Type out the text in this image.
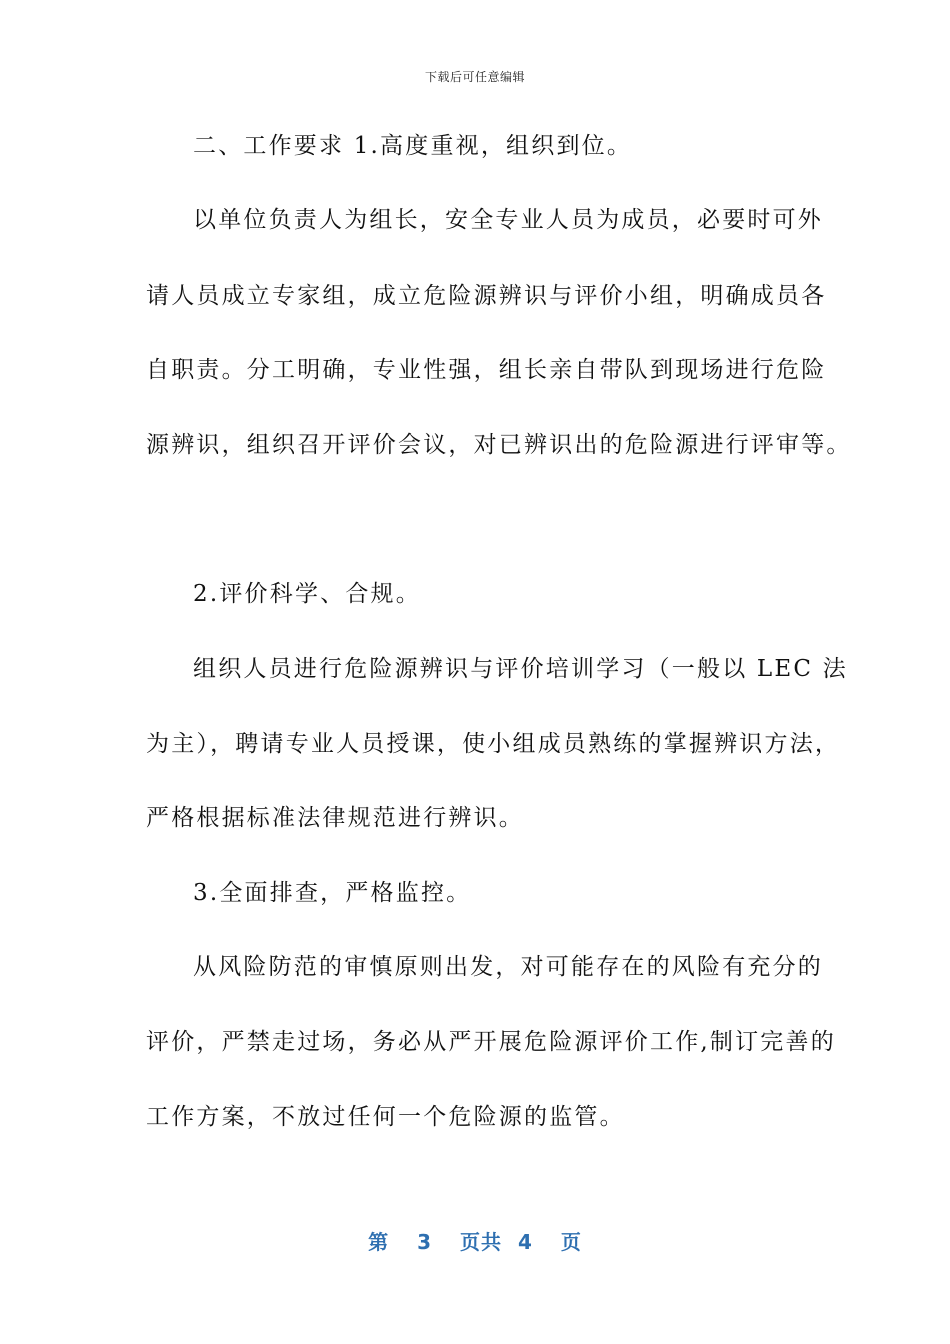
下载后可任意编辑
二、工作要求 1.高度重视，组织到位。
以单位负责人为组长，安全专业人员为成员，必要时可外
请人员成立专家组，成立危险源辨识与评价小组，明确成员各
自职责。分工明确，专业性强，组长亲自带队到现场进行危险
源辨识，组织召开评价会议，对已辨识出的危险源进行评审等。
2.评价科学、合规。
组织人员进行危险源辨识与评价培训学习（一般以 LEC 法
为主），聘请专业人员授课，使小组成员熟练的掌握辨识方法，
严格根据标准法律规范进行辨识。
3.全面排查，严格监控。
从风险防范的审慎原则出发，对可能存在的风险有充分的
评价，严禁走过场，务必从严开展危险源评价工作,制订完善的
工作方案，不放过任何一个危险源的监管。
第 3 页共 4 页
